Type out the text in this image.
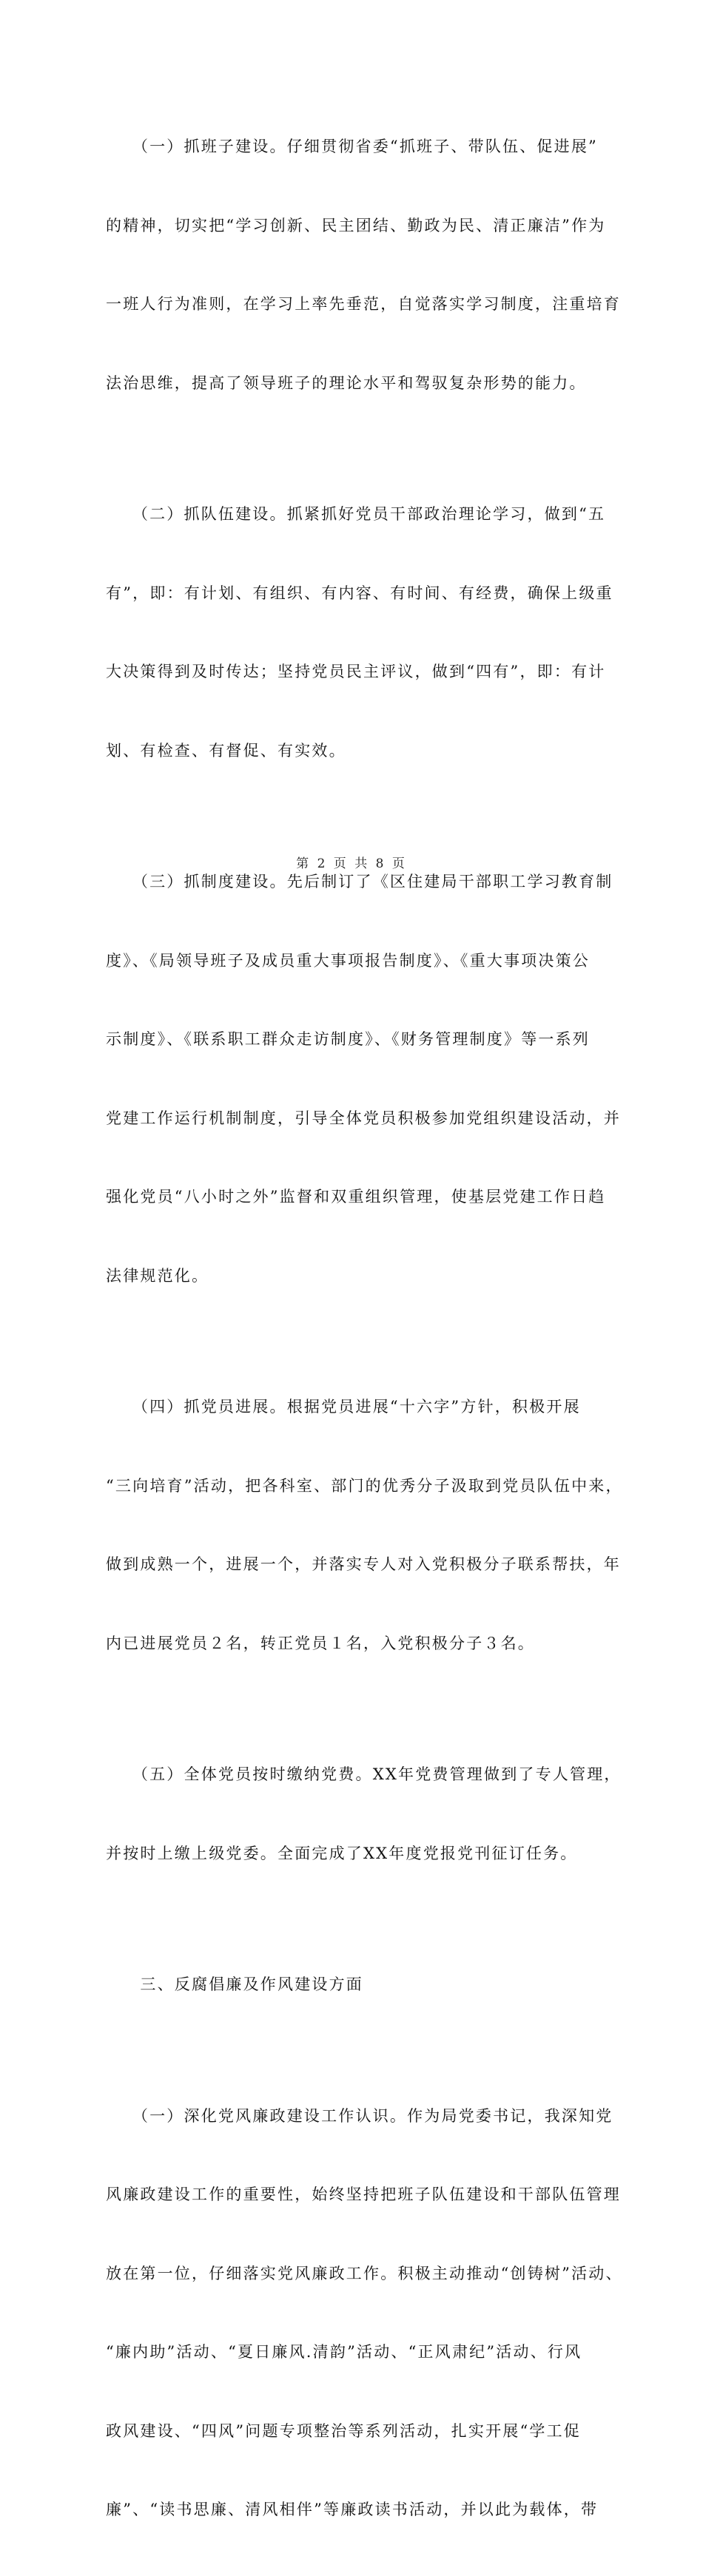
　　（一）抓班子建设。仔细贯彻省委“抓班子、带队伍、促进展”

的精神，切实把“学习创新、民主团结、勤政为民、清正廉洁”作为

一班人行为准则，在学习上率先垂范，自觉落实学习制度，注重培育

法治思维，提高了领导班子的理论水平和驾驭复杂形势的能力。

　　（二）抓队伍建设。抓紧抓好党员干部政治理论学习，做到“五

有”，即：有计划、有组织、有内容、有时间、有经费，确保上级重

大决策得到及时传达；坚持党员民主评议，做到“四有”，即：有计

划、有检查、有督促、有实效。

　　（三）抓制度建设。先后制订了《区住建局干部职工学习教育制

度》、《局领导班子及成员重大事项报告制度》、《重大事项决策公

示制度》、《联系职工群众走访制度》、《财务管理制度》等一系列

党建工作运行机制制度，引导全体党员积极参加党组织建设活动，并

强化党员“八小时之外”监督和双重组织管理，使基层党建工作日趋

法律规范化。

　　（四）抓党员进展。根据党员进展“十六字”方针，积极开展

“三向培育”活动，把各科室、部门的优秀分子汲取到党员队伍中来，

做到成熟一个，进展一个，并落实专人对入党积极分子联系帮扶，年

内已进展党员２名，转正党员１名，入党积极分子３名。

　　（五）全体党员按时缴纳党费。XX年党费管理做到了专人管理，

并按时上缴上级党委。全面完成了XX年度党报党刊征订任务。

　　三、反腐倡廉及作风建设方面

　　（一）深化党风廉政建设工作认识。作为局党委书记，我深知党

风廉政建设工作的重要性，始终坚持把班子队伍建设和干部队伍管理

放在第一位，仔细落实党风廉政工作。积极主动推动“创铸树”活动、

“廉内助”活动、“夏日廉风.清韵”活动、“正风肃纪”活动、行风

政风建设、“四风”问题专项整治等系列活动，扎实开展“学工促

廉”、“读书思廉、清风相伴”等廉政读书活动，并以此为载体，带

第 2 页 共 8 页
